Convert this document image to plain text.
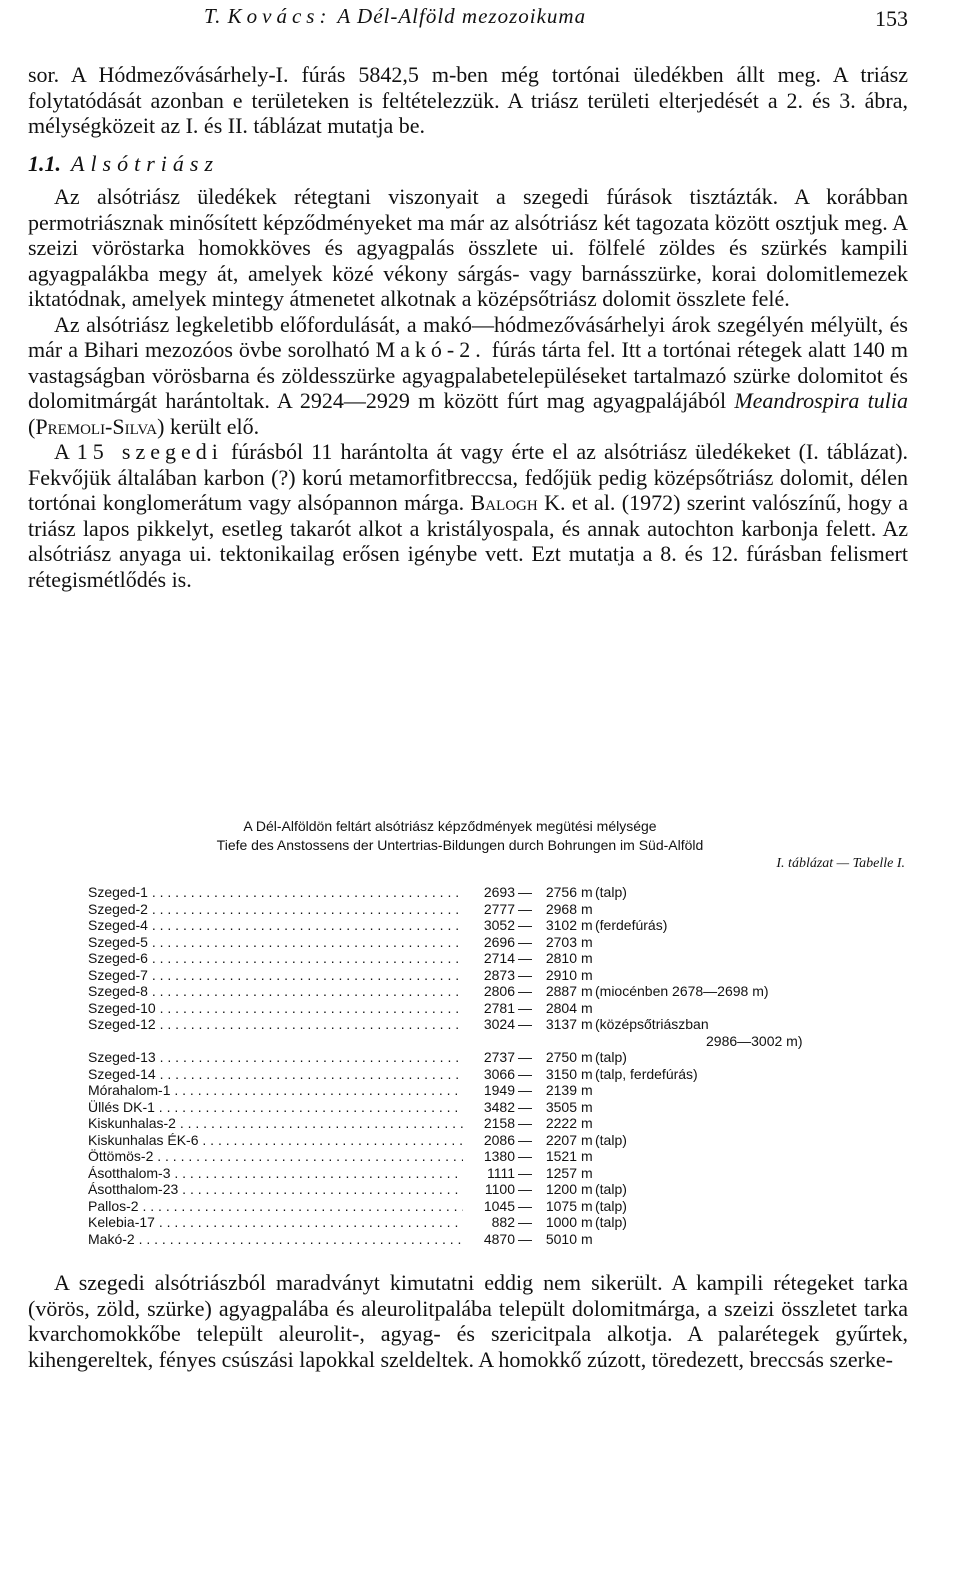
T. Kovács: A Dél-Alföld mezozoikuma	153

sor. A Hódmezővásárhely-I. fúrás 5842,5 m-ben még tortónai üledékben állt meg. A triász folytatódását azonban e területeken is feltételezzük. A triász területi elterjedését a 2. és 3. ábra, mélységközeit az I. és II. táblázat mutatja be.

1.1. Alsótriász

Az alsótriász üledékek rétegtani viszonyait a szegedi fúrások tisztázták. A korábban permotriásznak minősített képződményeket ma már az alsótriász két tagozata között osztjuk meg. A szeizi vöröstarka homokköves és agyagpalás összlete ui. fölfelé zöldes és szürkés kampili agyagpalákba megy át, amelyek közé vékony sárgás- vagy barnásszürke, korai dolomitlemezek iktatódnak, amelyek mintegy átmenetet alkotnak a középsőtriász dolomit összlete felé.

Az alsótriász legkeletibb előfordulását, a makó—hódmezővásárhelyi árok szegélyén mélyült, és már a Bihari mezozóos övbe sorolható Makó-2. fúrás tárta fel. Itt a tortónai rétegek alatt 140 m vastagságban vörösbarna és zöldesszürke agyagpalabetelepüléseket tartalmazó szürke dolomitot és dolomitmárgát harántoltak. A 2924—2929 m között fúrt mag agyagpalájából Meandrospira tulia (Premoli-Silva) került elő.

A 15 szegedi fúrásból 11 harántolta át vagy érte el az alsótriász üledékeket (I. táblázat). Fekvőjük általában karbon (?) korú metamorfitbreccsa, fedőjük pedig középsőtriász dolomit, délen tortónai konglomerátum vagy alsópannon márga. Balogh K. et al. (1972) szerint valószínű, hogy a triász lapos pikkelyt, esetleg takarót alkot a kristályospala, és annak autochton karbonja felett. Az alsótriász anyaga ui. tektonikailag erősen igénybe vett. Ezt mutatja a 8. és 12. fúrásban felismert rétegismétlődés is.

A Dél-Alföldön feltárt alsótriász képződmények megütési mélysége
Tiefe des Anstossens der Untertrias-Bildungen durch Bohrungen im Süd-Alföld
I. táblázat — Tabelle I.
Szeged-1 . . .	2693 — 2756 m (talp)
Szeged-2 . . .	2777 — 2968 m
Szeged-4 . . .	3052 — 3102 m (ferdefúrás)
Szeged-5 . . .	2696 — 2703 m
Szeged-6 . . .	2714 — 2810 m
Szeged-7 . . .	2873 — 2910 m
Szeged-8 . . .	2806 — 2887 m (miocénben 2678—2698 m)
Szeged-10 . . .	2781 — 2804 m
Szeged-12 . . .	3024 — 3137 m (középsőtriászban
2986—3002 m)
Szeged-13 . . .	2737 — 2750 m (talp)
Szeged-14 . . .	3066 — 3150 m (talp, ferdefúrás)
Mórahalom-1 . . .	1949 — 2139 m
Üllés DK-1 . . .	3482 — 3505 m
Kiskunhalas-2 . . .	2158 — 2222 m
Kiskunhalas ÉK-6 . . .	2086 — 2207 m (talp)
Öttömös-2 . . .	1380 — 1521 m
Ásotthalom-3 . . .	1111 — 1257 m
Ásotthalom-23 . . .	1100 — 1200 m (talp)
Pallos-2 . . .	1045 — 1075 m (talp)
Kelebia-17 . . .	882 — 1000 m (talp)
Makó-2 . . .	4870 — 5010 m

A szegedi alsótriászból maradványt kimutatni eddig nem sikerült. A kampili rétegeket tarka (vörös, zöld, szürke) agyagpalába és aleurolitpalába települt dolomitmárga, a szeizi összletet tarka kvarchomokkőbe települt aleurolit-, agyag- és szericitpala alkotja. A palarétegek gyűrtek, kihengereltek, fényes csúszási lapokkal szeldeltek. A homokkő zúzott, töredezett, breccsás szerke-
